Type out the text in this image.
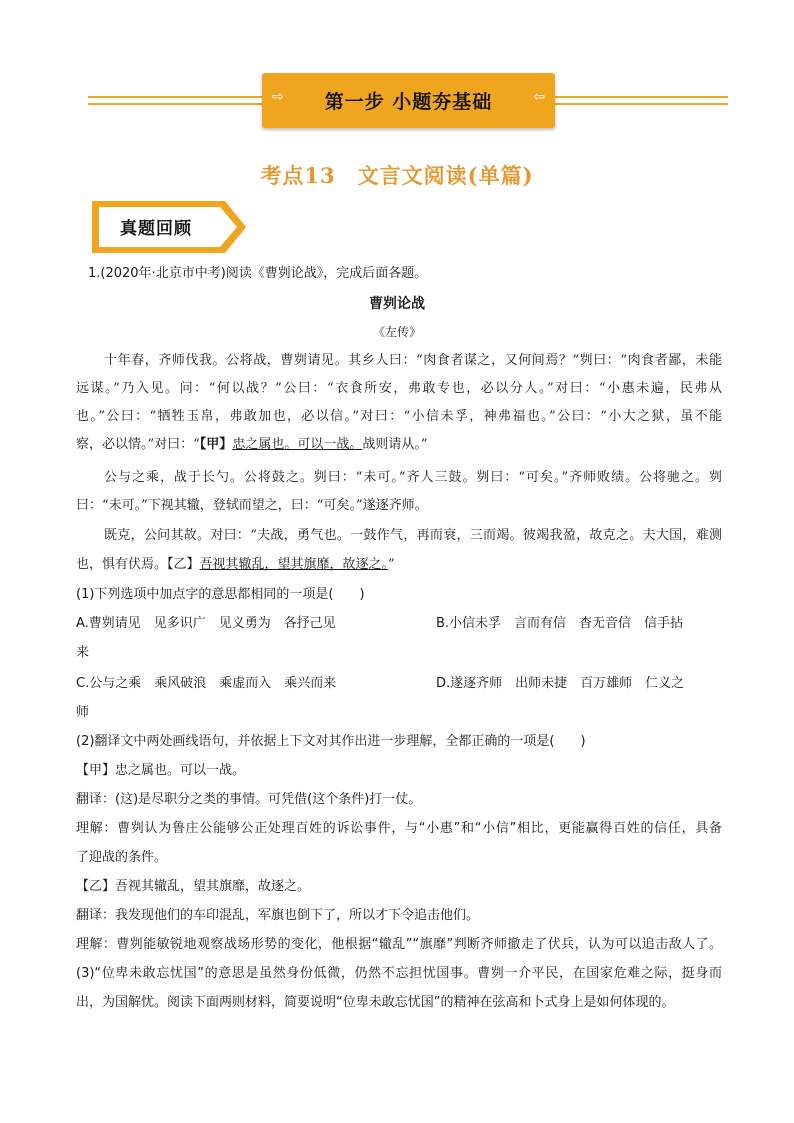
⇨	第一步 小题夯基础	⇦
考点13　文言文阅读(单篇)
真题回顾
1.(2020年·北京市中考)阅读《曹刿论战》，完成后面各题。
曹刿论战
《左传》
十年春，齐师伐我。公将战，曹刿请见。其乡人曰：“肉食者谋之，又何间焉？”刿曰：“肉食者鄙，未能
远谋。”乃入见。问：“何以战？”公曰：“衣食所安，弗敢专也，必以分人。”对曰：“小惠未遍，民弗从
也。”公曰：“牺牲玉帛，弗敢加也，必以信。”对曰：“小信未孚，神弗福也。”公曰：“小大之狱，虽不能
察，必以情。”对曰：“【甲】忠之属也。可以一战。战则请从。”
公与之乘，战于长勺。公将鼓之。刿曰：“未可。”齐人三鼓。刿曰：“可矣。”齐师败绩。公将驰之。刿
曰：“未可。”下视其辙，登轼而望之，曰：“可矣。”遂逐齐师。
既克，公问其故。对曰：“夫战，勇气也。一鼓作气，再而衰，三而竭。彼竭我盈，故克之。夫大国，难测
也，惧有伏焉。【乙】吾视其辙乱，望其旗靡，故逐之。”
(1)下列选项中加点字的意思都相同的一项是(　　)
A.曹刿请见　见多识广　见义勇为　各抒己见	B.小信未孚　言而有信　杳无音信　信手拈
来
C.公与之乘　乘风破浪　乘虚而入　乘兴而来	D.遂逐齐师　出师未捷　百万雄师　仁义之
师
(2)翻译文中两处画线语句，并依据上下文对其作出进一步理解，全都正确的一项是(　　)
【甲】忠之属也。可以一战。
翻译：(这)是尽职分之类的事情。可凭借(这个条件)打一仗。
理解：曹刿认为鲁庄公能够公正处理百姓的诉讼事件，与“小惠”和“小信”相比，更能赢得百姓的信任，具备
了迎战的条件。
【乙】吾视其辙乱，望其旗靡，故逐之。
翻译：我发现他们的车印混乱，军旗也倒下了，所以才下令追击他们。
理解：曹刿能敏锐地观察战场形势的变化，他根据“辙乱”“旗靡”判断齐师撤走了伏兵，认为可以追击敌人了。
(3)“位卑未敢忘忧国”的意思是虽然身份低微，仍然不忘担忧国事。曹刿一介平民，在国家危难之际，挺身而
出，为国解忧。阅读下面两则材料，简要说明“位卑未敢忘忧国”的精神在弦高和卜式身上是如何体现的。
